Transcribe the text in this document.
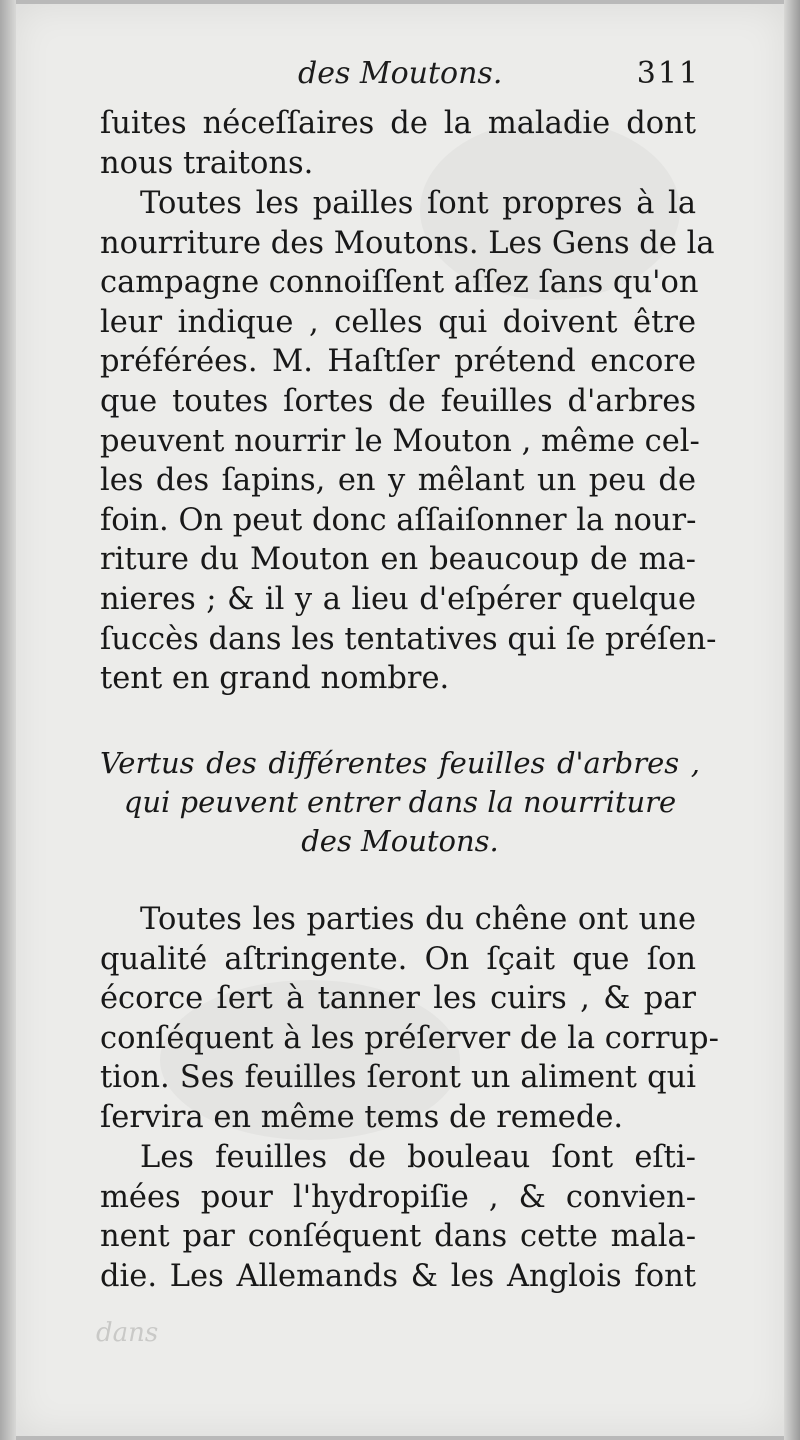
des Moutons.	311
ſuites néceſſaires de la maladie dont
nous traitons.
Toutes les pailles ſont propres à la
nourriture des Moutons. Les Gens de la
campagne connoiſſent aſſez ſans qu'on
leur indique , celles qui doivent être
préférées. M. Haſtſer prétend encore
que toutes ſortes de feuilles d'arbres
peuvent nourrir le Mouton , même cel-
les des ſapins, en y mêlant un peu de
foin. On peut donc aſſaiſonner la nour-
riture du Mouton en beaucoup de ma-
nieres ; & il y a lieu d'eſpérer quelque
ſuccès dans les tentatives qui ſe préſen-
tent en grand nombre.
Vertus des différentes feuilles d'arbres ,
qui peuvent entrer dans la nourriture
des Moutons.
Toutes les parties du chêne ont une
qualité aſtringente. On ſçait que ſon
écorce ſert à tanner les cuirs , & par
conſéquent à les préſerver de la corrup-
tion. Ses feuilles ſeront un aliment qui
ſervira en même tems de remede.
Les feuilles de bouleau ſont eſti-
mées pour l'hydropiſie , & convien-
nent par conſéquent dans cette mala-
die. Les Allemands & les Anglois font
dans
